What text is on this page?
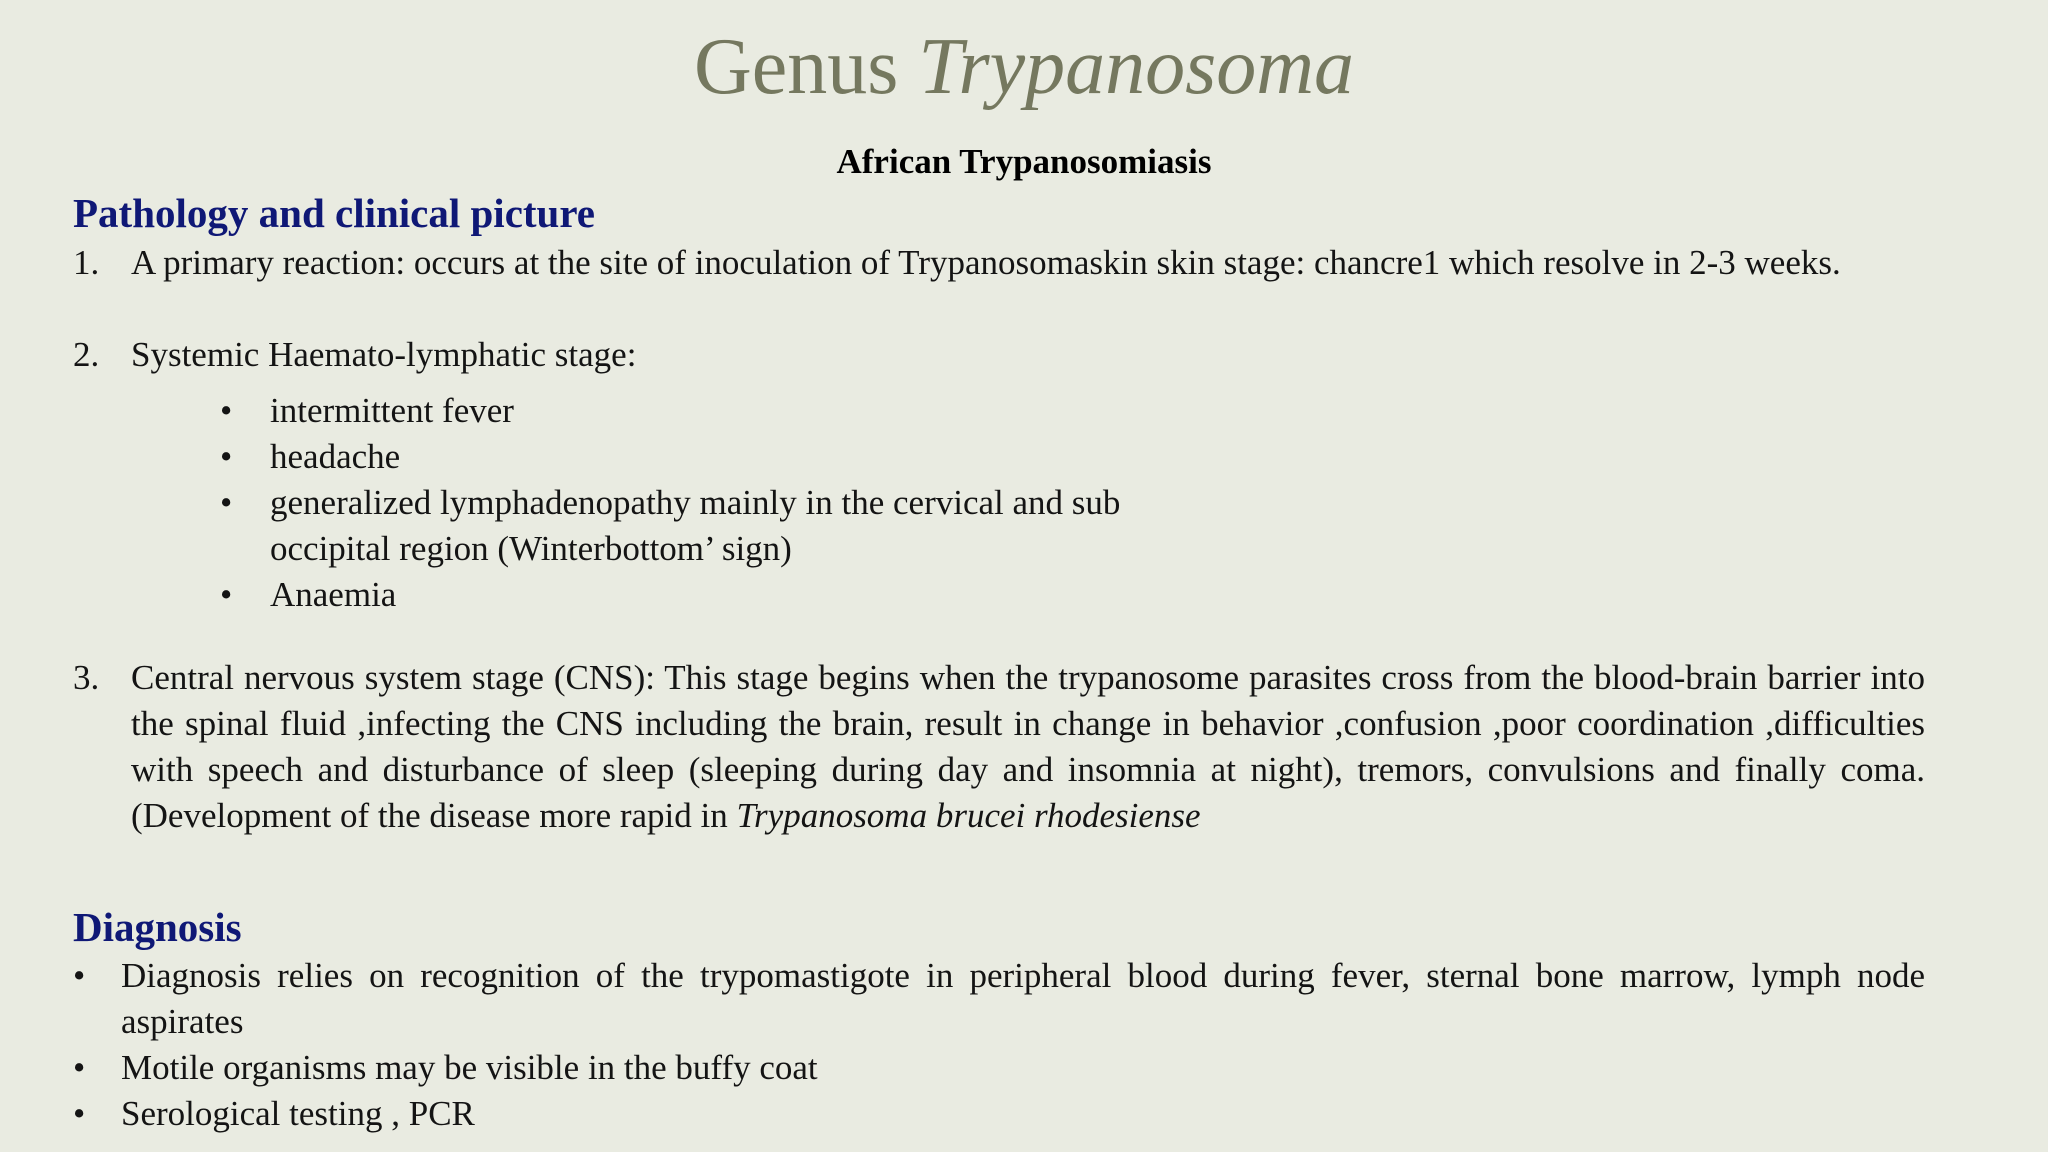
Genus Trypanosoma
African Trypanosomiasis
Pathology and clinical picture
1. A primary reaction: occurs at the site of inoculation of Trypanosomaskin skin stage: chancre1 which resolve in 2-3 weeks.
2. Systemic Haemato-lymphatic stage:
• intermittent fever
• headache
• generalized lymphadenopathy mainly in the cervical and sub occipital region (Winterbottom’ sign)
• Anaemia
3. Central nervous system stage (CNS): This stage begins when the trypanosome parasites cross from the blood-brain barrier into the spinal fluid ,infecting the CNS including the brain, result in change in behavior ,confusion ,poor coordination ,difficulties with speech and disturbance of sleep (sleeping during day and insomnia at night), tremors, convulsions and finally coma. (Development of the disease more rapid in Trypanosoma brucei rhodesiense
Diagnosis
• Diagnosis relies on recognition of the trypomastigote in peripheral blood during fever, sternal bone marrow, lymph node aspirates
• Motile organisms may be visible in the buffy coat
• Serological testing , PCR
